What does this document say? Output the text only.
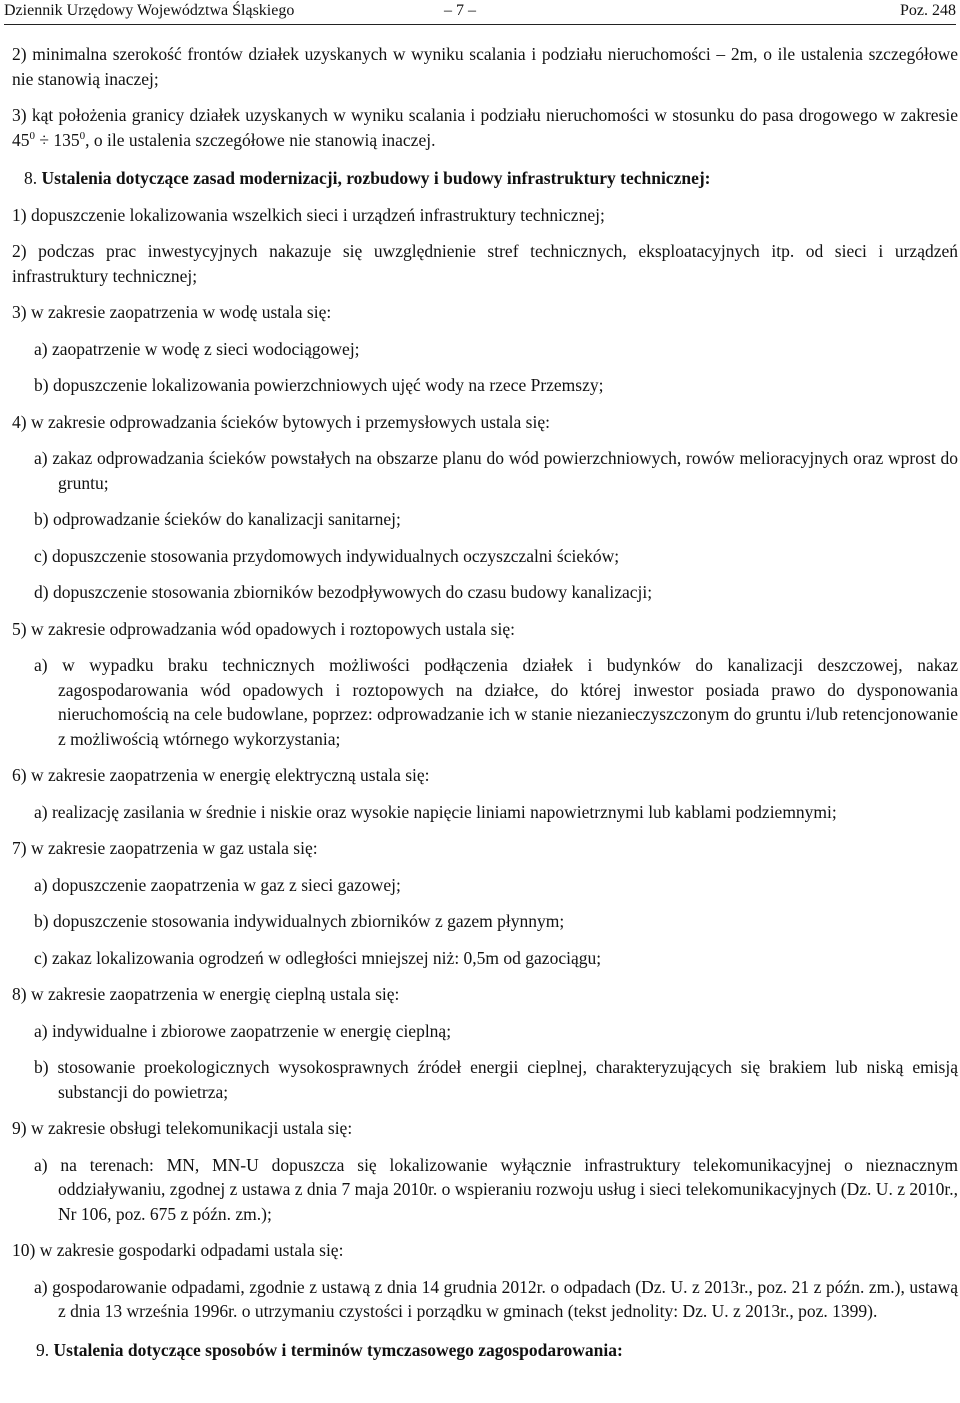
Dziennik Urzędowy Województwa Śląskiego	– 7 –	Poz. 248

2) minimalna szerokość frontów działek uzyskanych w wyniku scalania i podziału nieruchomości – 2m, o ile ustalenia szczegółowe nie stanowią inaczej;

3) kąt położenia granicy działek uzyskanych w wyniku scalania i podziału nieruchomości w stosunku do pasa drogowego w zakresie $45^0 \div 135^0$, o ile ustalenia szczegółowe nie stanowią inaczej.

8. Ustalenia dotyczące zasad modernizacji, rozbudowy i budowy infrastruktury technicznej:

1) dopuszczenie lokalizowania wszelkich sieci i urządzeń infrastruktury technicznej;

2) podczas prac inwestycyjnych nakazuje się uwzględnienie stref technicznych, eksploatacyjnych itp. od sieci i urządzeń infrastruktury technicznej;

3) w zakresie zaopatrzenia w wodę ustala się:

a) zaopatrzenie w wodę z sieci wodociągowej;

b) dopuszczenie lokalizowania powierzchniowych ujęć wody na rzece Przemszy;

4) w zakresie odprowadzania ścieków bytowych i przemysłowych ustala się:

a) zakaz odprowadzania ścieków powstałych na obszarze planu do wód powierzchniowych, rowów melioracyjnych oraz wprost do gruntu;

b) odprowadzanie ścieków do kanalizacji sanitarnej;

c) dopuszczenie stosowania przydomowych indywidualnych oczyszczalni ścieków;

d) dopuszczenie stosowania zbiorników bezodpływowych do czasu budowy kanalizacji;

5) w zakresie odprowadzania wód opadowych i roztopowych ustala się:

a) w wypadku braku technicznych możliwości podłączenia działek i budynków do kanalizacji deszczowej, nakaz zagospodarowania wód opadowych i roztopowych na działce, do której inwestor posiada prawo do dysponowania nieruchomością na cele budowlane, poprzez: odprowadzanie ich w stanie niezanieczyszczonym do gruntu i/lub retencjonowanie z możliwością wtórnego wykorzystania;

6) w zakresie zaopatrzenia w energię elektryczną ustala się:

a) realizację zasilania w średnie i niskie oraz wysokie napięcie liniami napowietrznymi lub kablami podziemnymi;

7) w zakresie zaopatrzenia w gaz ustala się:

a) dopuszczenie zaopatrzenia w gaz z sieci gazowej;

b) dopuszczenie stosowania indywidualnych zbiorników z gazem płynnym;

c) zakaz lokalizowania ogrodzeń w odległości mniejszej niż: 0,5m od gazociągu;

8) w zakresie zaopatrzenia w energię cieplną ustala się:

a) indywidualne i zbiorowe zaopatrzenie w energię cieplną;

b) stosowanie proekologicznych wysokosprawnych źródeł energii cieplnej, charakteryzujących się brakiem lub niską emisją substancji do powietrza;

9) w zakresie obsługi telekomunikacji ustala się:

a) na terenach: MN, MN-U dopuszcza się lokalizowanie wyłącznie infrastruktury telekomunikacyjnej o nieznacznym oddziaływaniu, zgodnej z ustawa z dnia 7 maja 2010r. o wspieraniu rozwoju usług i sieci telekomunikacyjnych (Dz. U. z 2010r., Nr 106, poz. 675 z późn. zm.);

10) w zakresie gospodarki odpadami ustala się:

a) gospodarowanie odpadami, zgodnie z ustawą z dnia 14 grudnia 2012r. o odpadach (Dz. U. z 2013r., poz. 21 z późn. zm.), ustawą z dnia 13 września 1996r. o utrzymaniu czystości i porządku w gminach (tekst jednolity: Dz. U. z 2013r., poz. 1399).

9. Ustalenia dotyczące sposobów i terminów tymczasowego zagospodarowania:
